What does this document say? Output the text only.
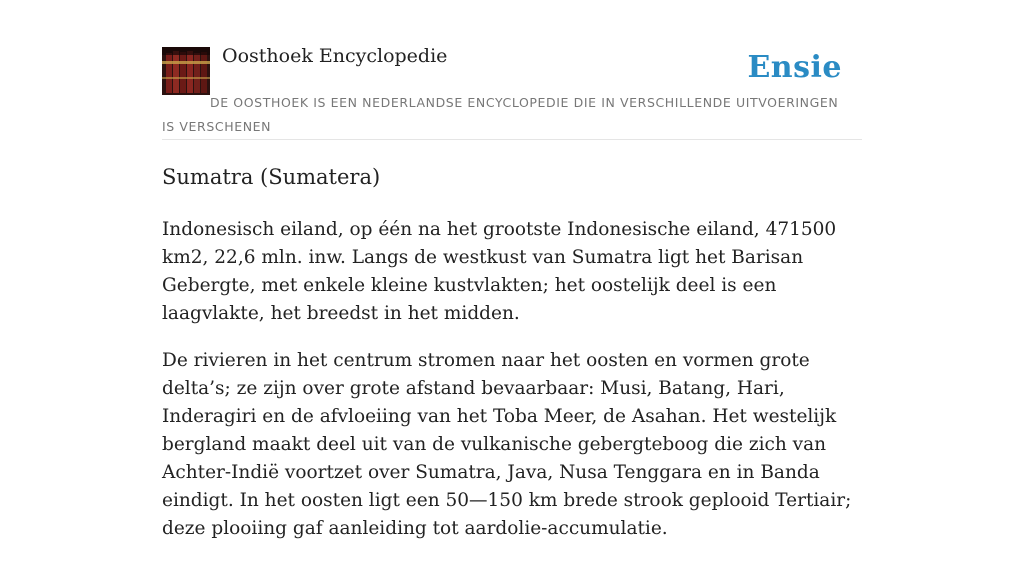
Oosthoek Encyclopedie	Ensie
DE OOSTHOEK IS EEN NEDERLANDSE ENCYCLOPEDIE DIE IN VERSCHILLENDE UITVOERINGEN IS VERSCHENEN
Sumatra (Sumatera)

Indonesisch eiland, op één na het grootste Indonesische eiland, 471500 km2, 22,6 mln. inw. Langs de westkust van Sumatra ligt het Barisan Gebergte, met enkele kleine kustvlakten; het oostelijk deel is een laagvlakte, het breedst in het midden.

De rivieren in het centrum stromen naar het oosten en vormen grote delta’s; ze zijn over grote afstand bevaarbaar: Musi, Batang, Hari, Inderagiri en de afvloeiing van het Toba Meer, de Asahan. Het westelijk bergland maakt deel uit van de vulkanische gebergteboog die zich van Achter-Indië voortzet over Sumatra, Java, Nusa Tenggara en in Banda eindigt. In het oosten ligt een 50—150 km brede strook geplooid Tertiair; deze plooiing gaf aanleiding tot aardolie-accumulatie.
